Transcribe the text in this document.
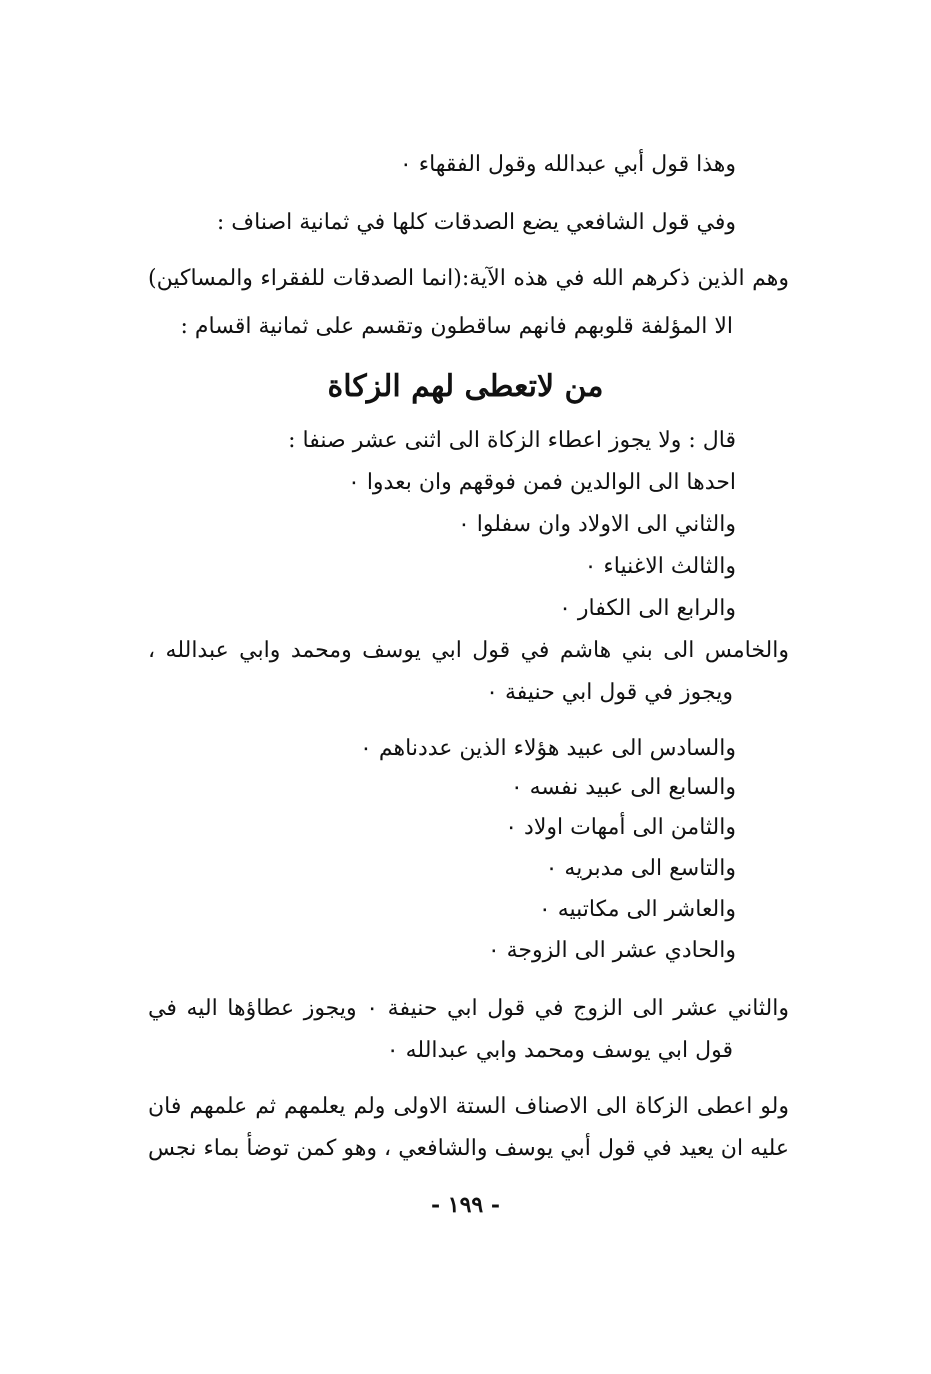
وهذا قول أبي عبدالله وقول الفقهاء ٠
وفي قول الشافعي يضع الصدقات كلها في ثمانية اصناف :
وهم الذين ذكرهم الله في هذه الآية:(انما الصدقات للفقراء والمساكين)
الا المؤلفة قلوبهم فانهم ساقطون وتقسم على ثمانية اقسام :
من لاتعطى لهم الزكاة
قال : ولا يجوز اعطاء الزكاة الى اثنى عشر صنفا :
احدها الى الوالدين فمن فوقهم وان بعدوا ٠
والثاني الى الاولاد وان سفلوا ٠
والثالث الاغنياء ٠
والرابع الى الكفار ٠
والخامس الى بني هاشم في قول ابي يوسف ومحمد وابي عبدالله ،
ويجوز في قول ابي حنيفة ٠
والسادس الى عبيد هؤلاء الذين عددناهم ٠
والسابع الى عبيد نفسه ٠
والثامن الى أمهات اولاد ٠
والتاسع الى مدبريه ٠
والعاشر الى مكاتبيه ٠
والحادي عشر الى الزوجة ٠
والثاني عشر الى الزوج في قول ابي حنيفة ٠ ويجوز عطاؤها اليه في
قول ابي يوسف ومحمد وابي عبدالله ٠
ولو اعطى الزكاة الى الاصناف الستة الاولى ولم يعلمهم ثم علمهم فان
عليه ان يعيد في قول أبي يوسف والشافعي ، وهو كمن توضأ بماء نجس
- ١٩٩ -
